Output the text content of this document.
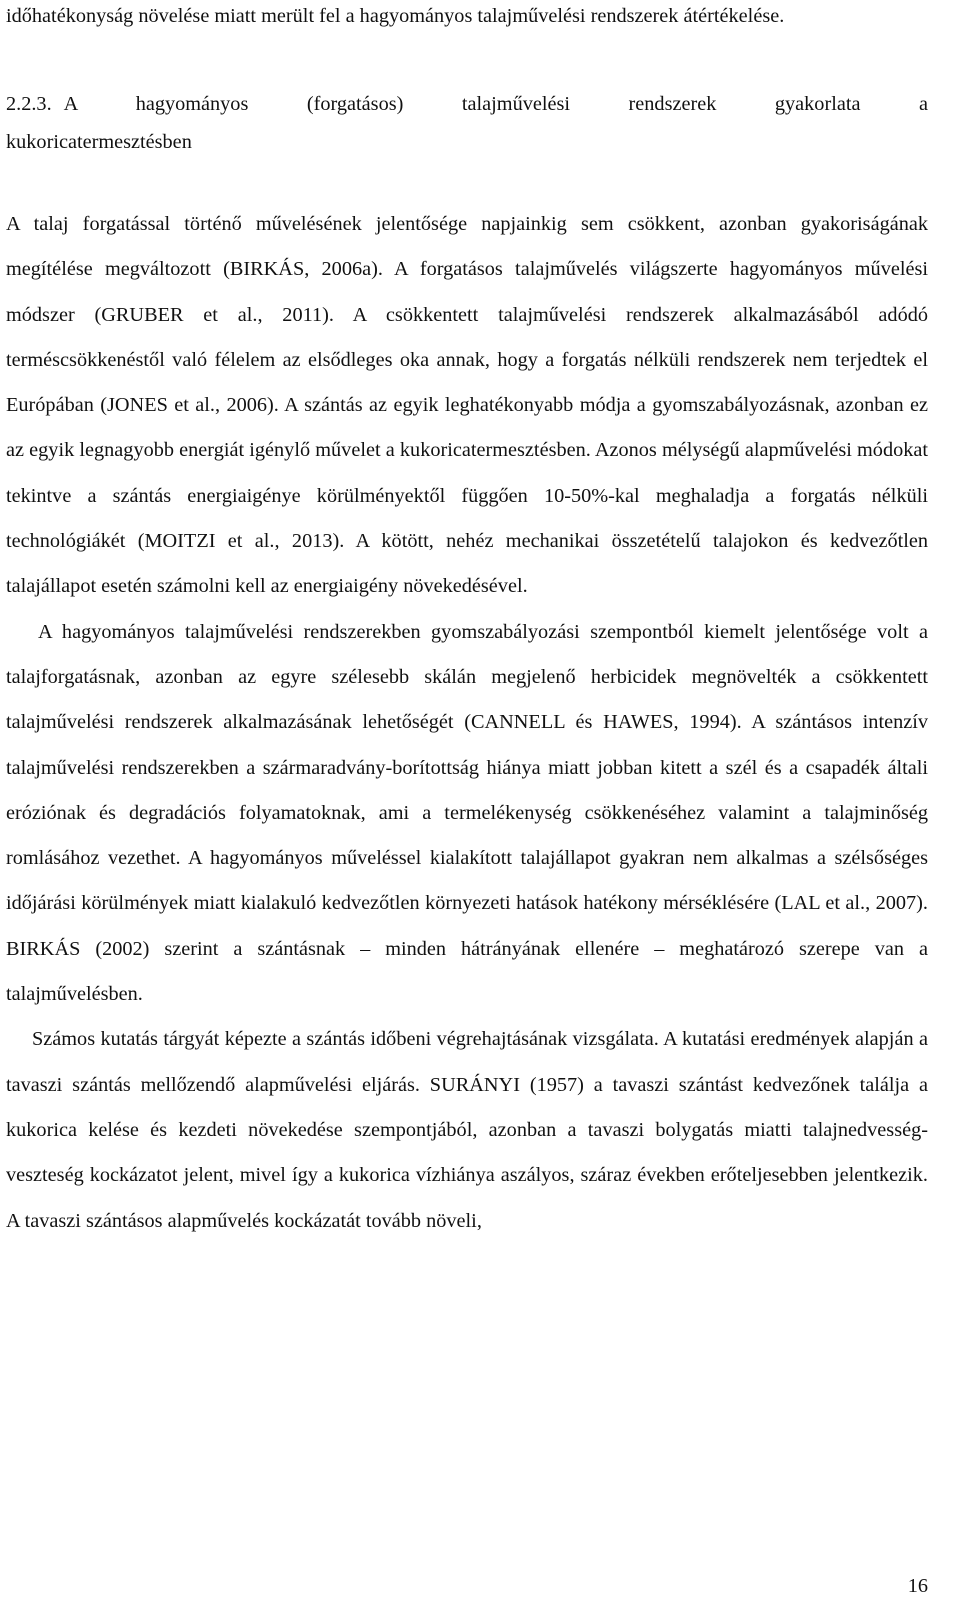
időhatékonyság növelése miatt merült fel a hagyományos talajművelési rendszerek átértékelése.

2.2.3. A hagyományos (forgatásos) talajművelési rendszerek gyakorlata a
kukoricatermesztésben

A talaj forgatással történő művelésének jelentősége napjainkig sem csökkent, azonban gyakoriságának megítélése megváltozott (BIRKÁS, 2006a). A forgatásos talajművelés világszerte hagyományos művelési módszer (GRUBER et al., 2011). A csökkentett talajművelési rendszerek alkalmazásából adódó terméscsökkenéstől való félelem az elsődleges oka annak, hogy a forgatás nélküli rendszerek nem terjedtek el Európában (JONES et al., 2006). A szántás az egyik leghatékonyabb módja a gyomszabályozásnak, azonban ez az egyik legnagyobb energiát igénylő művelet a kukoricatermesztésben. Azonos mélységű alapművelési módokat tekintve a szántás energiaigénye körülményektől függően 10-50%-kal meghaladja a forgatás nélküli technológiákét (MOITZI et al., 2013). A kötött, nehéz mechanikai összetételű talajokon és kedvezőtlen talajállapot esetén számolni kell az energiaigény növekedésével.

A hagyományos talajművelési rendszerekben gyomszabályozási szempontból kiemelt jelentősége volt a talajforgatásnak, azonban az egyre szélesebb skálán megjelenő herbicidek megnövelték a csökkentett talajművelési rendszerek alkalmazásának lehetőségét (CANNELL és HAWES, 1994). A szántásos intenzív talajművelési rendszerekben a szármaradvány-borítottság hiánya miatt jobban kitett a szél és a csapadék általi eróziónak és degradációs folyamatoknak, ami a termelékenység csökkenéséhez valamint a talajminőség romlásához vezethet. A hagyományos műveléssel kialakított talajállapot gyakran nem alkalmas a szélsőséges időjárási körülmények miatt kialakuló kedvezőtlen környezeti hatások hatékony mérséklésére (LAL et al., 2007). BIRKÁS (2002) szerint a szántásnak – minden hátrányának ellenére – meghatározó szerepe van a talajművelésben.

Számos kutatás tárgyát képezte a szántás időbeni végrehajtásának vizsgálata. A kutatási eredmények alapján a tavaszi szántás mellőzendő alapművelési eljárás. SURÁNYI (1957) a tavaszi szántást kedvezőnek találja a kukorica kelése és kezdeti növekedése szempontjából, azonban a tavaszi bolygatás miatti talajnedvesség-veszteség kockázatot jelent, mivel így a kukorica vízhiánya aszályos, száraz években erőteljesebben jelentkezik. A tavaszi szántásos alapművelés kockázatát tovább növeli,

16
